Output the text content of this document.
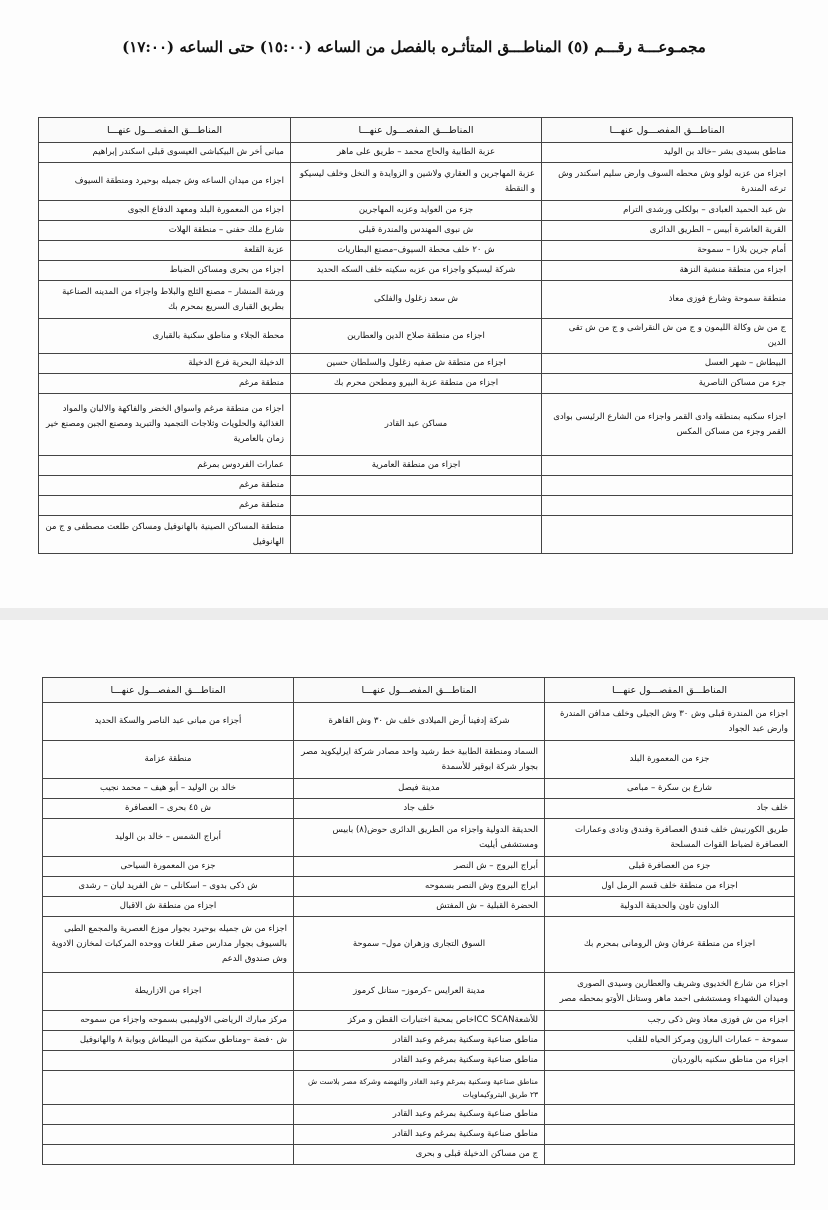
مجمـوعـــة رقـــم (٥) المناطـــق المتأثـره بالفصل من الساعه (١٥:٠٠) حتى الساعه (١٧:٠٠)
المناطـــق المفصـــول عنهـــا	المناطـــق المفصـــول عنهـــا	المناطـــق المفصـــول عنهـــا
مناطق بسيدى بشر –خالد بن الوليد	عزبة الطابية والحاج محمد – طريق على ماهر	مبانى أخر ش البيكباشى العيسوى قبلى اسكندر إبراهيم
اجزاء من عزبه لولو وش محطه السوف وارض سليم اسكندر وش ترعه المندرة	عزبة المهاجرين و العقاري ولاشين و الزوايدة و النخل وخلف ليسيكو و النقطة	اجزاء من ميدان الساعه وش جميله بوحيرد ومنطقة السيوف
ش عبد الحميد العبادى – بولكلى ورشدى الترام	جزء من العوايد وعزبه المهاجرين	اجزاء من المعمورة البلد ومعهد الدفاع الجوى
القرية العاشرة أبيس – الطريق الدائرى	ش نبوى المهندس والمندرة قبلى	شارع ملك حفنى – منطقة الهلات
أمام جرين بلازا – سموحة	ش ٢٠ خلف محطة السيوف–مصنع البطاريات	عزبة القلعة
اجزاء من منطقة منشية النزهة	شركة ليسيكو واجزاء من عزبه سكينه خلف السكه الحديد	اجزاء من بحرى ومساكن الضباط
منطقة سموحة وشارع فوزى معاذ	ش سعد زغلول والفلكى	ورشة المنشار – مصنع الثلج والبلاط واجزاء من المدينه الصناعية بطريق القبارى السريع بمحرم بك
ج من ش وكالة الليمون و ج من ش النقراشى و ج من ش تقى الدين	اجزاء من منطقة صلاح الدين والعطارين	محطة الجلاء و مناطق سكنية بالقبارى
البيطاش – شهر العسل	اجزاء من منطقة ش صفيه زغلول والسلطان حسين	الدخيلة البحرية فرع الدخيلة
جزء من مساكن الناصرية	اجزاء من منطقة عزبة البيرو ومطحن محرم بك	منطقة مرغم
اجزاء سكنيه بمنطقه وادى القمر واجزاء من الشارع الرئيسى بوادى القمر وجزء من مساكن المكس	مساكن عبد القادر	اجزاء من منطقة مرغم واسواق الخضر والفاكهة والالبان والمواد الغذائية والحلويات وثلاجات التجميد والتبريد ومصنع الجبن ومصنع خير زمان بالعامرية
	اجزاء من منطقة العامرية	عمارات الفردوس بمرغم
		منطقة مرغم
		منطقة مرغم
		منطقة المساكن الصينية بالهانوفيل ومساكن طلعت مصطفى و ج من الهانوفيل
المناطـــق المفصـــول عنهـــا	المناطـــق المفصـــول عنهـــا	المناطـــق المفصـــول عنهـــا
اجزاء من المندرة قبلى وش ٣٠ وش الجيلى وخلف مدافن المندرة وارض عبد الجواد	شركة إدفينا أرض الميلادى خلف ش ٣٠ وش القاهرة	أجزاء من مبانى عبد الناصر والسكة الحديد
جزء من المعمورة البلد	السماد ومنطقة الطابية خط رشيد واحد مصادر شركة ايرليكويد مصر بجوار شركة ابوقير للأسمدة	منطقة عزامة
شارع بن سكرة – مبامى	مدينة فيصل	خالد بن الوليد – أبو هيف – محمد نجيب
خلف جاد	خلف جاد	ش ٤٥ بحرى – العصافرة
طريق الكورنيش خلف فندق العصافرة وفندق ونادى وعمارات العصافرة لضباط القوات المسلحة	الحديقة الدولية واجزاء من الطريق الدائرى حوض(٨) بابيس ومستشفى أيليت	أبراج الشمس – خالد بن الوليد
جزء من العصافرة قبلى	أبراج البروج – ش النصر	جزء من المعمورة السياحى
اجزاء من منطقة خلف قسم الرمل اول	ابراج البروج وش النصر بسموحه	ش ذكى بدوى – اسكانلى – ش الفريد ليان – رشدى
الداون تاون والحديقة الدولية	الحضرة القبلية – ش المفتش	اجزاء من منطقة ش الاقبال
اجزاء من منطقة عرفان وش الرومانى بمحرم بك	السوق التجارى وزهران مول– سموحة	اجزاء من ش جميله بوحيرد بجوار موزع العصرية والمجمع الطبى بالسيوف بجوار مدارس صقر للغات ووحده المركبات لمخازن الادوية وش صندوق الدعم
اجزاء من شارع الخديوى وشريف والعطارين وسيدى الصورى وميدان الشهداء ومستشفى احمد ماهر وستانل الأوتو بمحطه مصر	مدينة العرايس –كرموز– ستانل كرموز	اجزاء من الازاريطة
اجزاء من ش فوزى معاذ وش ذكى رجب	للأشعةICC SCANخاص بمحبة اختبارات القطن و مركز	مركز مبارك الرياضى الاوليمبى بسموحه واجزاء من سموحه
سموحة – عمارات البارون ومركز الحياه للقلب	مناطق صناعية وسكنية بمرغم وعبد القادر	ش ٠فضة –ومناطق سكنية من البيطاش وبوابة ٨ والهانوفيل
اجزاء من مناطق سكنيه بالورديان	مناطق صناعية وسكنية بمرغم وعبد القادر	
	مناطق صناعية وسكنية بمرغم وعبد القادر والنهضه وشركة مصر بلاست ش ٢٣ طريق البتروكيماويات	
	مناطق صناعية وسكنية بمرغم وعبد القادر	
	مناطق صناعية وسكنية بمرغم وعبد القادر	
	ج من مساكن الدخيلة قبلى و بحرى	
